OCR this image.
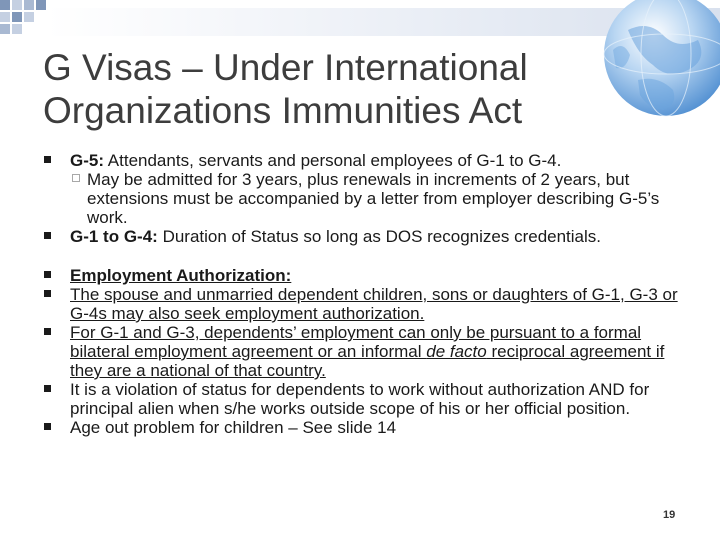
G Visas – Under International
Organizations Immunities Act
G-5: Attendants, servants and personal employees of G-1 to G-4.
May be admitted for 3 years, plus renewals in increments of 2 years, but extensions must be accompanied by a letter from employer describing G-5’s work.
G-1 to G-4: Duration of Status so long as DOS recognizes credentials.
Employment Authorization:
The spouse and unmarried dependent children, sons or daughters of G-1, G-3 or G-4s may also seek employment authorization.
For G-1 and G-3, dependents’ employment can only be pursuant to a formal bilateral employment agreement or an informal de facto reciprocal agreement if they are a national of that country.
It is a violation of status for dependents to work without authorization AND for principal alien when s/he works outside scope of his or her official position.
Age out problem for children – See slide 14
19
